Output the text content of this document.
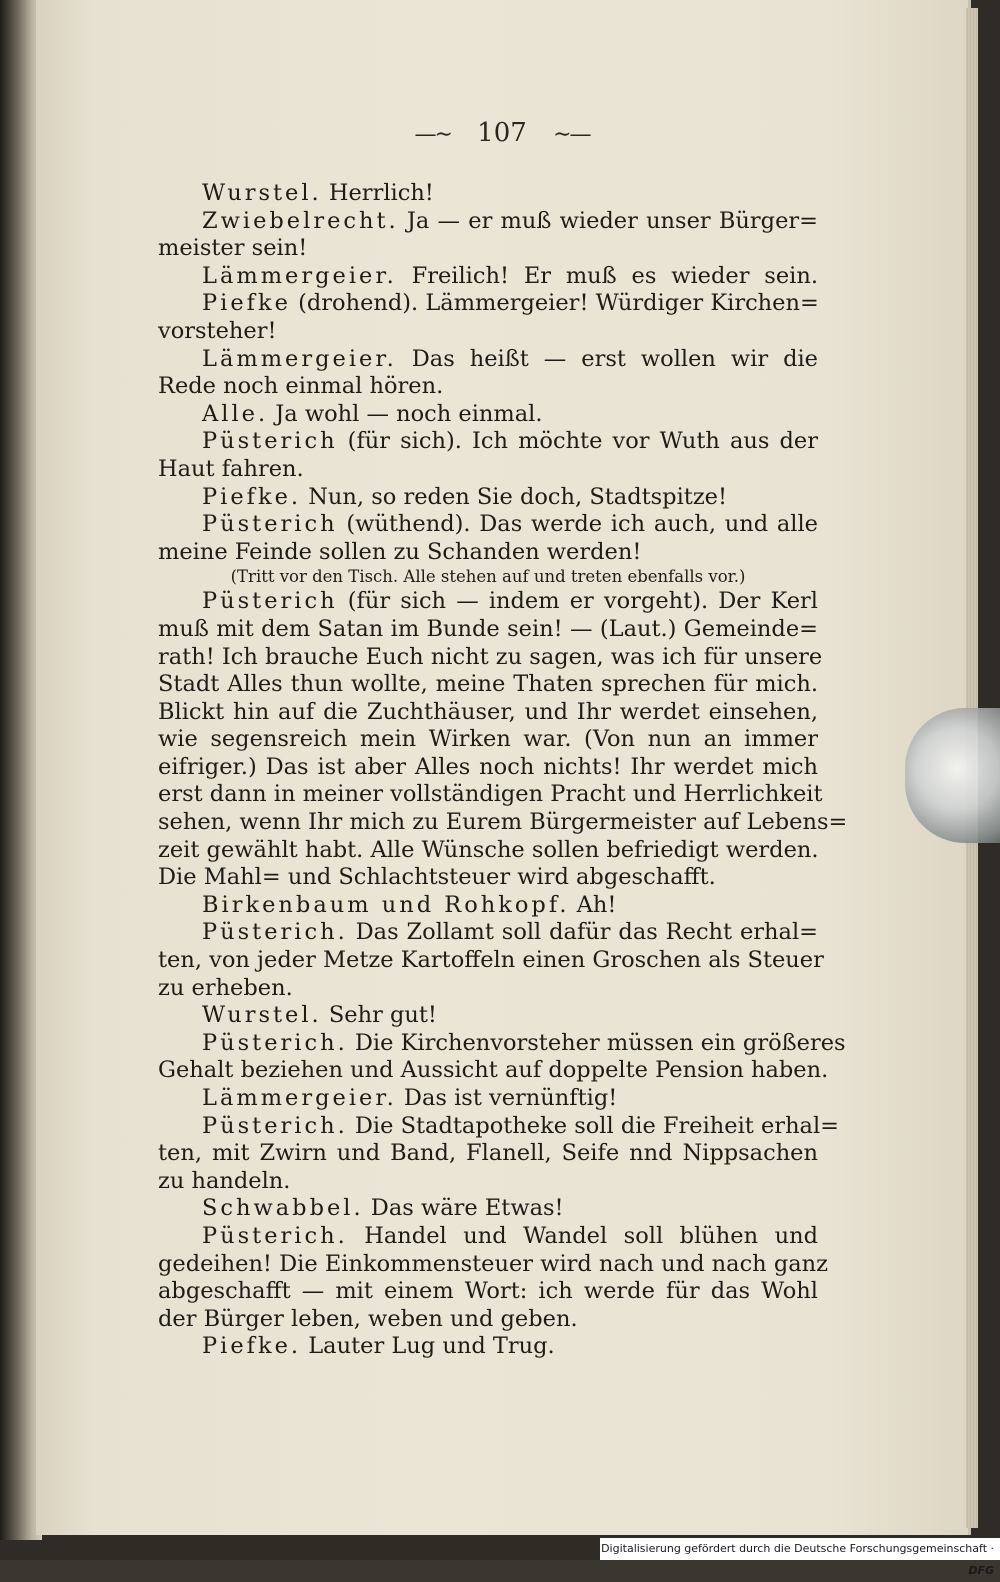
—∼ 107 ∼—
Wurstel. Herrlich!
Zwiebelrecht. Ja — er muß wieder unser Bürger=
meister sein!
Lämmergeier. Freilich! Er muß es wieder sein.
Piefke (drohend). Lämmergeier! Würdiger Kirchen=
vorsteher!
Lämmergeier. Das heißt — erst wollen wir die
Rede noch einmal hören.
Alle. Ja wohl — noch einmal.
Püsterich (für sich). Ich möchte vor Wuth aus der
Haut fahren.
Piefke. Nun, so reden Sie doch, Stadtspitze!
Püsterich (wüthend). Das werde ich auch, und alle
meine Feinde sollen zu Schanden werden!
(Tritt vor den Tisch. Alle stehen auf und treten ebenfalls vor.)
Püsterich (für sich — indem er vorgeht). Der Kerl
muß mit dem Satan im Bunde sein! — (Laut.) Gemeinde=
rath! Ich brauche Euch nicht zu sagen, was ich für unsere
Stadt Alles thun wollte, meine Thaten sprechen für mich.
Blickt hin auf die Zuchthäuser, und Ihr werdet einsehen,
wie segensreich mein Wirken war. (Von nun an immer
eifriger.) Das ist aber Alles noch nichts! Ihr werdet mich
erst dann in meiner vollständigen Pracht und Herrlichkeit
sehen, wenn Ihr mich zu Eurem Bürgermeister auf Lebens=
zeit gewählt habt. Alle Wünsche sollen befriedigt werden.
Die Mahl= und Schlachtsteuer wird abgeschafft.
Birkenbaum und Rohkopf. Ah!
Püsterich. Das Zollamt soll dafür das Recht erhal=
ten, von jeder Metze Kartoffeln einen Groschen als Steuer
zu erheben.
Wurstel. Sehr gut!
Püsterich. Die Kirchenvorsteher müssen ein größeres
Gehalt beziehen und Aussicht auf doppelte Pension haben.
Lämmergeier. Das ist vernünftig!
Püsterich. Die Stadtapotheke soll die Freiheit erhal=
ten, mit Zwirn und Band, Flanell, Seife nnd Nippsachen
zu handeln.
Schwabbel. Das wäre Etwas!
Püsterich. Handel und Wandel soll blühen und
gedeihen! Die Einkommensteuer wird nach und nach ganz
abgeschafft — mit einem Wort: ich werde für das Wohl
der Bürger leben, weben und geben.
Piefke. Lauter Lug und Trug.
Digitalisierung gefördert durch die Deutsche Forschungsgemeinschaft · DFG
